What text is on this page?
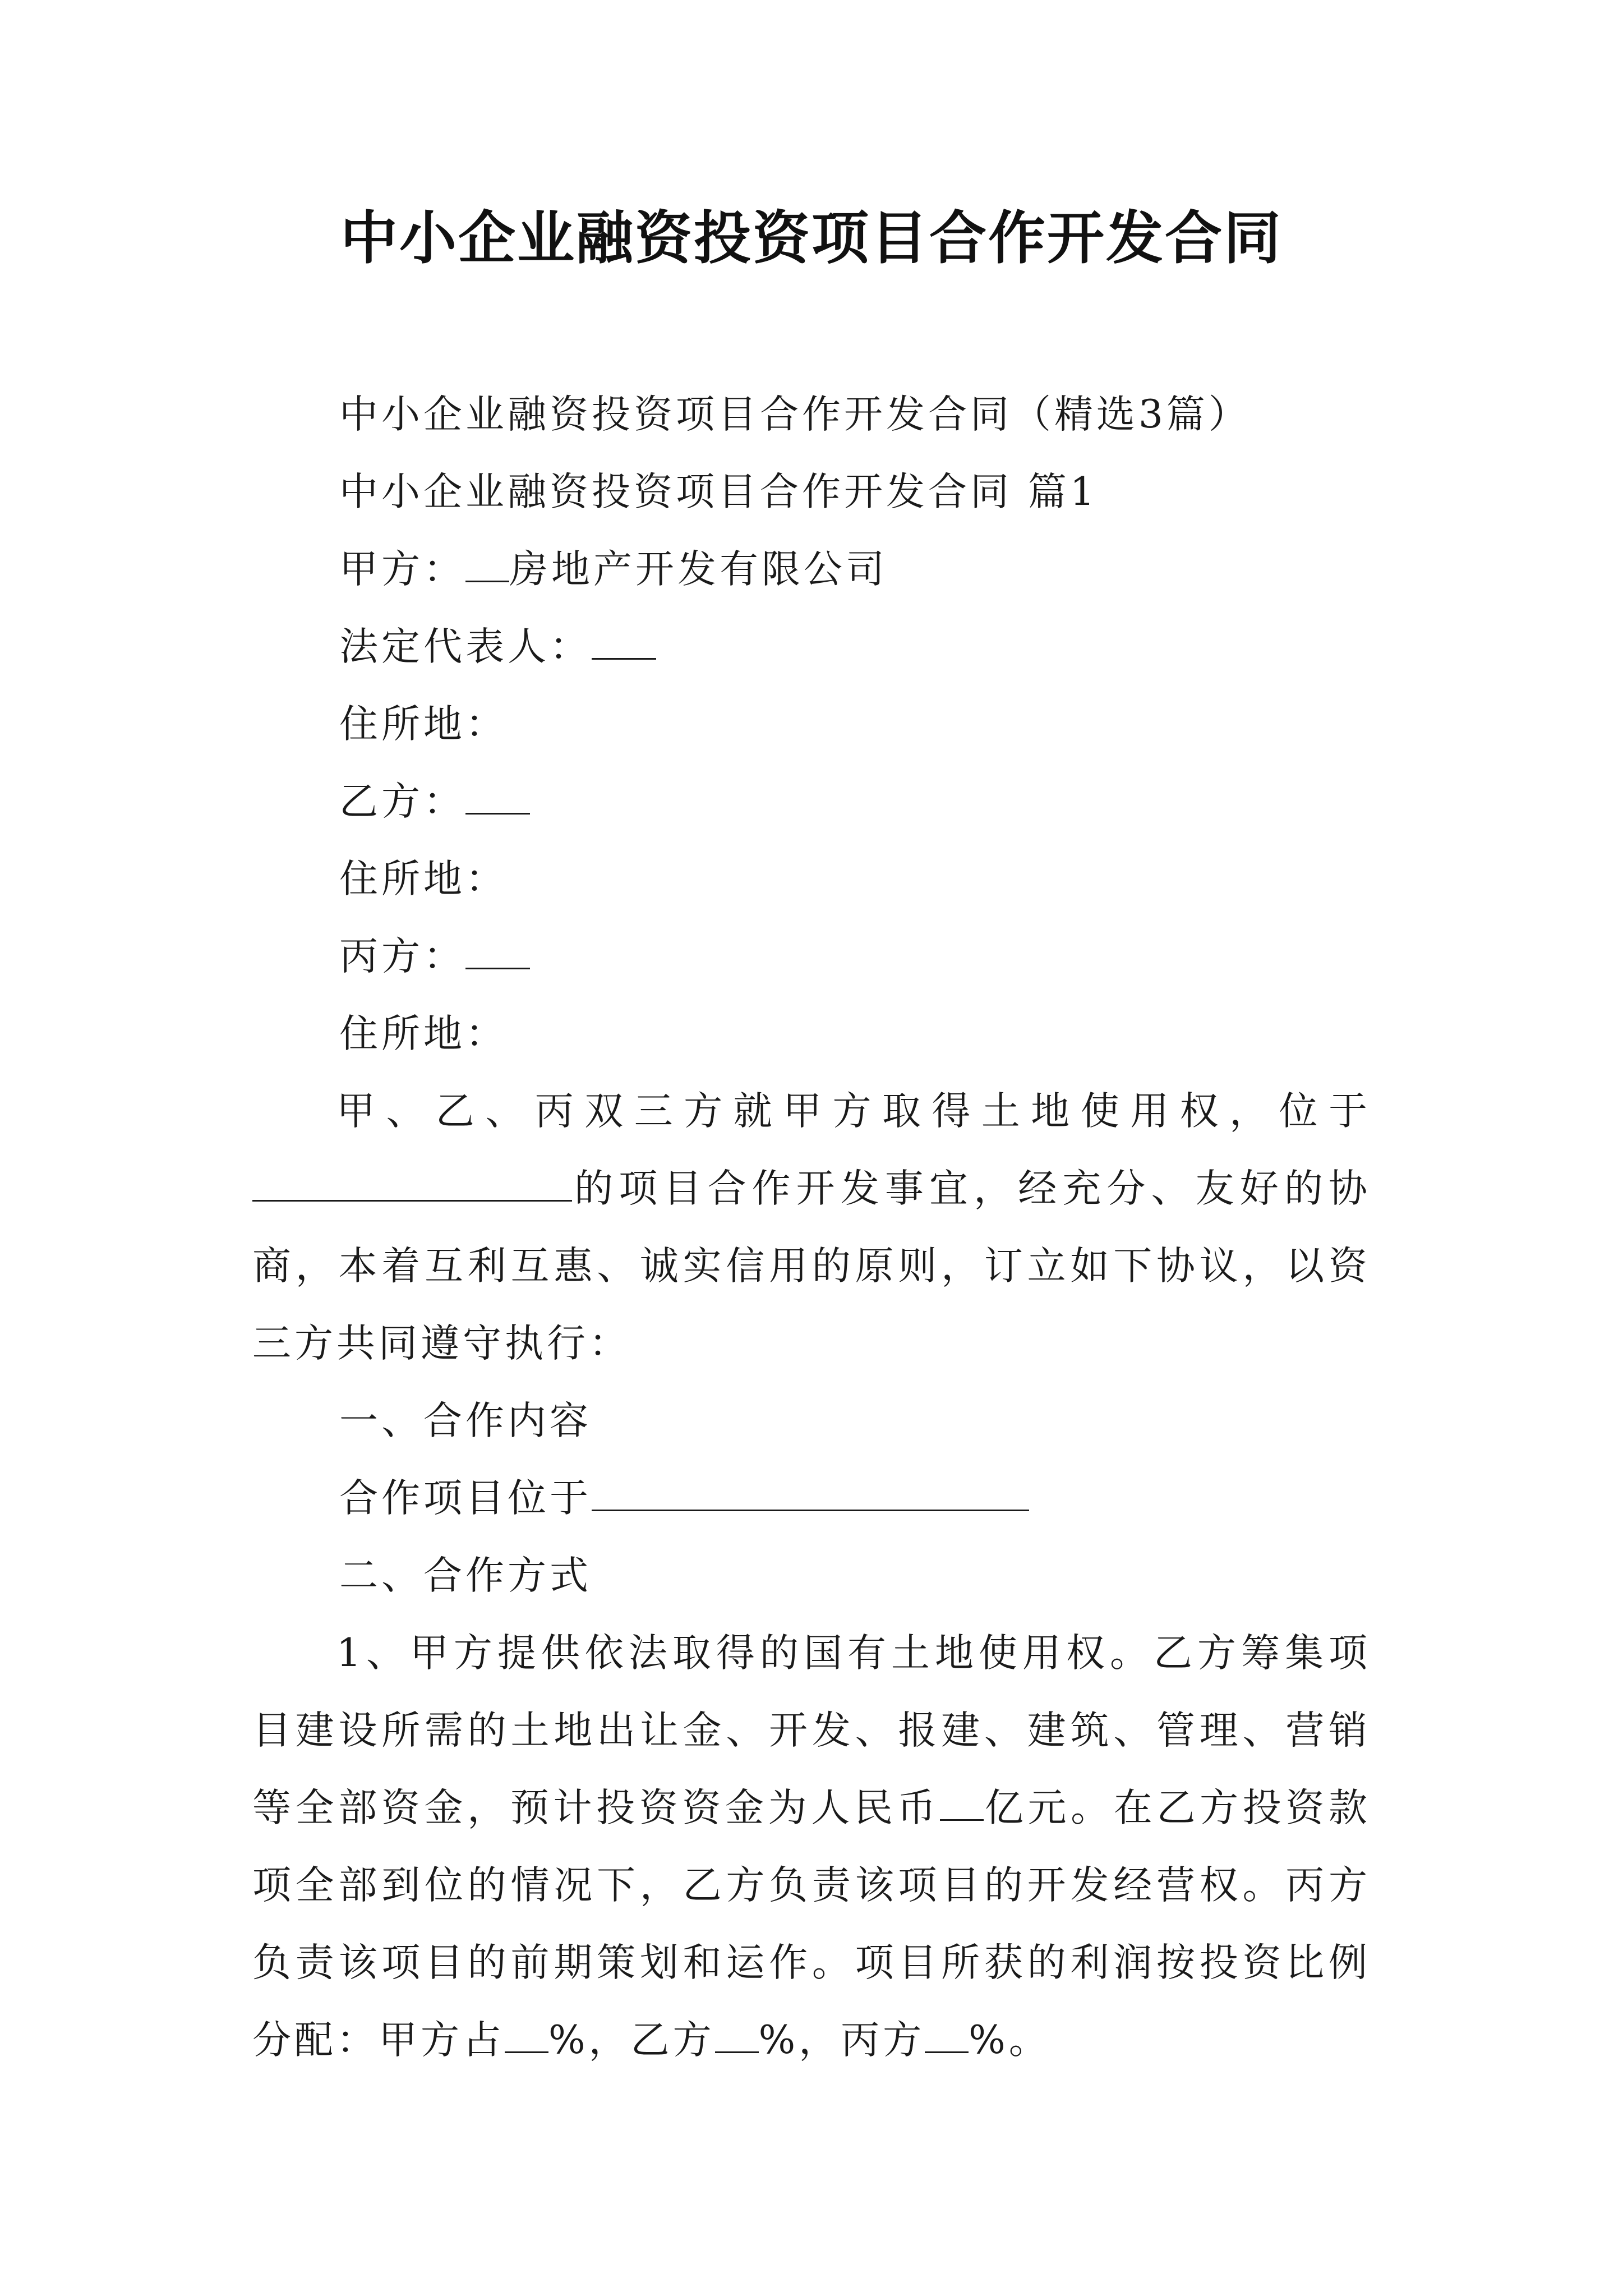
中小企业融资投资项目合作开发合同

中小企业融资投资项目合作开发合同（精选3篇）

中小企业融资投资项目合作开发合同 篇1

甲方： 房地产开发有限公司

法定代表人：

住所地：

乙方：

住所地：

丙方：

住所地：

甲、乙、丙双三方就甲方取得土地使用权，位于的项目合作开发事宜，经充分、友好的协商，本着互利互惠、诚实信用的原则，订立如下协议，以资三方共同遵守执行：

一、合作内容

合作项目位于

二、合作方式

1、甲方提供依法取得的国有土地使用权。乙方筹集项目建设所需的土地出让金、开发、报建、建筑、管理、营销等全部资金，预计投资资金为人民币 亿元。在乙方投资款项全部到位的情况下，乙方负责该项目的开发经营权。丙方负责该项目的前期策划和运作。项目所获的利润按投资比例分配：甲方占 %，乙方 %，丙方 %。
